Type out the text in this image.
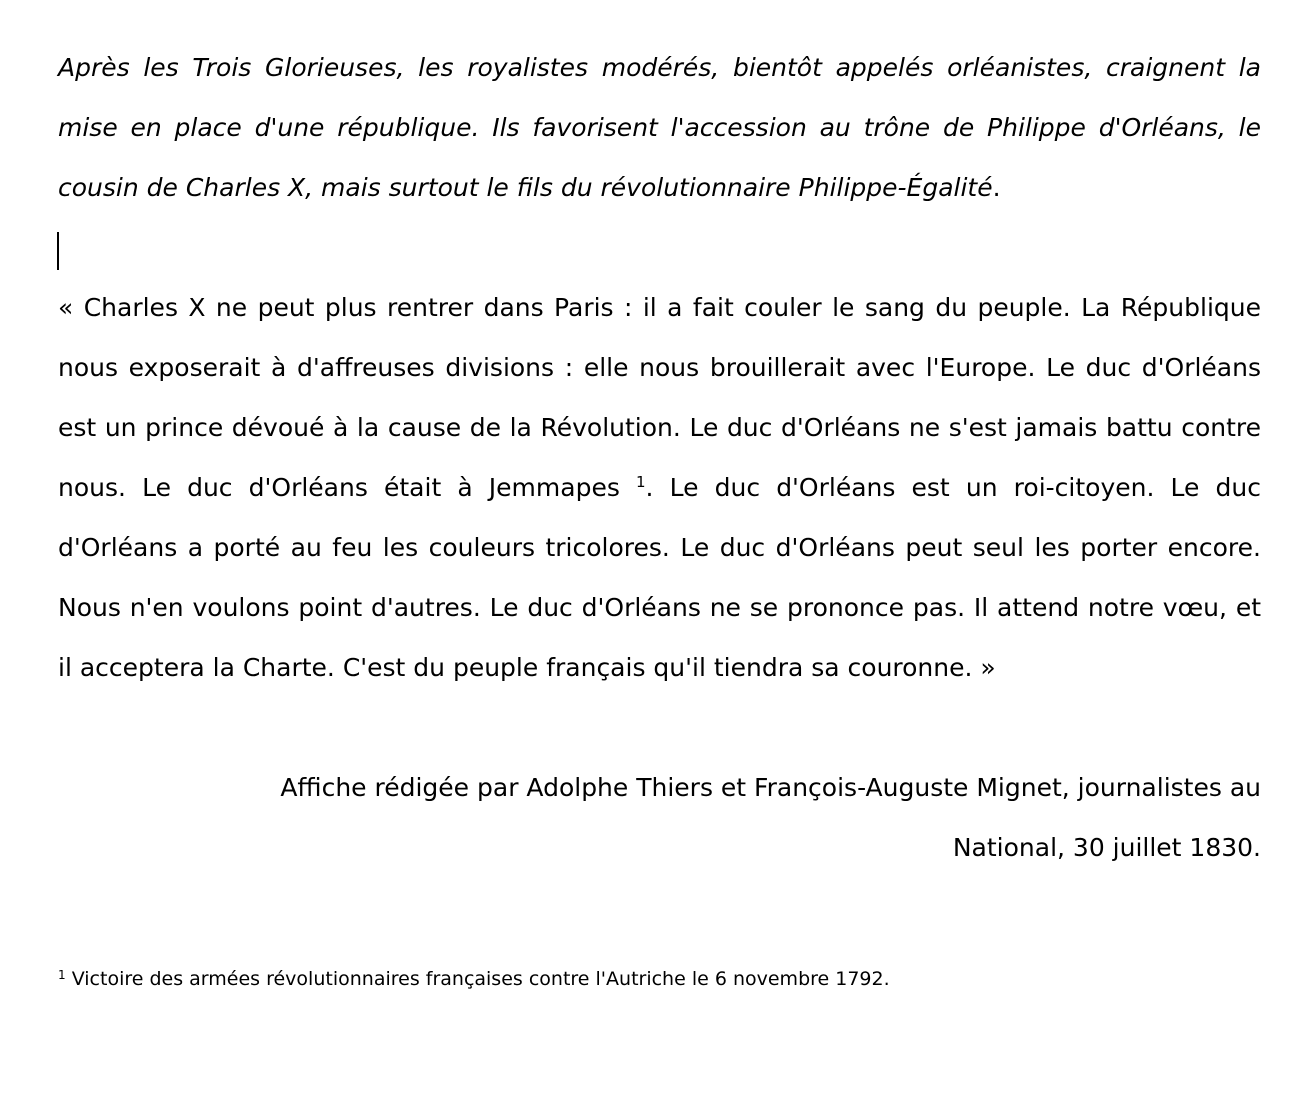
Après les Trois Glorieuses, les royalistes modérés, bientôt appelés orléanistes, craignent la mise en place d'une république. Ils favorisent l'accession au trône de Philippe d'Orléans, le cousin de Charles X, mais surtout le fils du révolutionnaire Philippe-Égalité.

« Charles X ne peut plus rentrer dans Paris : il a fait couler le sang du peuple. La République nous exposerait à d'affreuses divisions : elle nous brouillerait avec l'Europe. Le duc d'Orléans est un prince dévoué à la cause de la Révolution. Le duc d'Orléans ne s'est jamais battu contre nous. Le duc d'Orléans était à Jemmapes $^1$. Le duc d'Orléans est un roi-citoyen. Le duc d'Orléans a porté au feu les couleurs tricolores. Le duc d'Orléans peut seul les porter encore. Nous n'en voulons point d'autres. Le duc d'Orléans ne se prononce pas. Il attend notre vœu, et il acceptera la Charte. C'est du peuple français qu'il tiendra sa couronne. »

Affiche rédigée par Adolphe Thiers et François-Auguste Mignet, journalistes au National, 30 juillet 1830.

$^1$ Victoire des armées révolutionnaires françaises contre l'Autriche le 6 novembre 1792.
